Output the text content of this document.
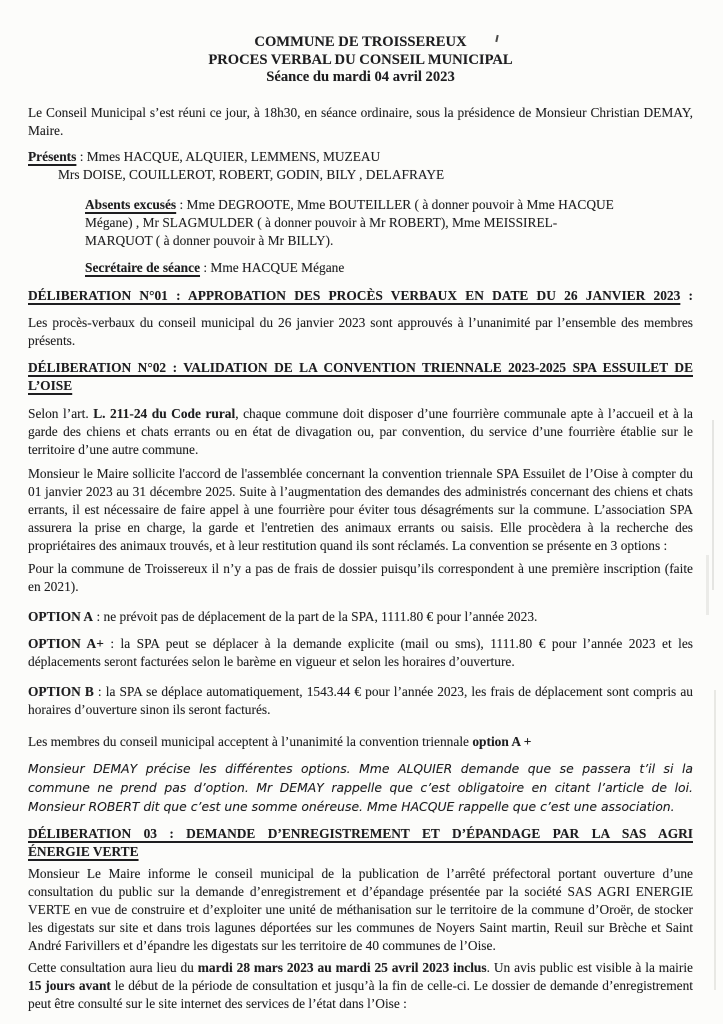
COMMUNE DE TROISSEREUX
PROCES VERBAL DU CONSEIL MUNICIPAL
Séance du mardi 04 avril 2023
Le Conseil Municipal s’est réuni ce jour, à 18h30, en séance ordinaire, sous la présidence de Monsieur Christian DEMAY, Maire.
Présents : Mmes HACQUE, ALQUIER, LEMMENS, MUZEAU
Mrs DOISE, COUILLEROT, ROBERT, GODIN, BILY , DELAFRAYE
Absents excusés : Mme DEGROOTE, Mme BOUTEILLER ( à donner pouvoir à Mme HACQUE
Mégane) , Mr SLAGMULDER ( à donner pouvoir à Mr ROBERT), Mme MEISSIREL-
MARQUOT ( à donner pouvoir à Mr BILLY).
Secrétaire de séance : Mme HACQUE Mégane
DÉLIBERATION N°01 : APPROBATION DES PROCÈS VERBAUX EN DATE DU 26 JANVIER 2023 :
Les procès-verbaux du conseil municipal du 26 janvier 2023 sont approuvés à l’unanimité par l’ensemble des membres présents.
DÉLIBERATION N°02 : VALIDATION DE LA CONVENTION TRIENNALE 2023-2025 SPA ESSUILET DE
L’OISE
Selon l’art. L. 211-24 du Code rural, chaque commune doit disposer d’une fourrière communale apte à l’accueil et à la garde des chiens et chats errants ou en état de divagation ou, par convention, du service d’une fourrière établie sur le territoire d’une autre commune.
Monsieur le Maire sollicite l'accord de l'assemblée concernant la convention triennale SPA Essuilet de l’Oise à compter du 01 janvier 2023 au 31 décembre 2025. Suite à l’augmentation des demandes des administrés concernant des chiens et chats errants, il est nécessaire de faire appel à une fourrière pour éviter tous désagréments sur la commune. L’association SPA assurera la prise en charge, la garde et l'entretien des animaux errants ou saisis. Elle procèdera à la recherche des propriétaires des animaux trouvés, et à leur restitution quand ils sont réclamés. La convention se présente en 3 options :
Pour la commune de Troissereux il n’y a pas de frais de dossier puisqu’ils correspondent à une première inscription (faite en 2021).
OPTION A : ne prévoit pas de déplacement de la part de la SPA, 1111.80 € pour l’année 2023.
OPTION A+ : la SPA peut se déplacer à la demande explicite (mail ou sms), 1111.80 € pour l’année 2023 et les déplacements seront facturées selon le barème en vigueur et selon les horaires d’ouverture.
OPTION B : la SPA se déplace automatiquement, 1543.44 € pour l’année 2023, les frais de déplacement sont compris au horaires d’ouverture sinon ils seront facturés.
Les membres du conseil municipal acceptent à l’unanimité la convention triennale option A +
Monsieur DEMAY précise les différentes options. Mme ALQUIER demande que se passera t’il si la commune ne prend pas d’option. Mr DEMAY rappelle que c’est obligatoire en citant l’article de loi. Monsieur ROBERT dit que c’est une somme onéreuse. Mme HACQUE rappelle que c’est une association.
DÉLIBERATION 03 : DEMANDE D’ENREGISTREMENT ET D’ÉPANDAGE PAR LA SAS AGRI
ÉNERGIE VERTE
Monsieur Le Maire informe le conseil municipal de la publication de l’arrêté préfectoral portant ouverture d’une consultation du public sur la demande d’enregistrement et d’épandage présentée par la société SAS AGRI ENERGIE VERTE en vue de construire et d’exploiter une unité de méthanisation sur le territoire de la commune d’Oroër, de stocker les digestats sur site et dans trois lagunes déportées sur les communes de Noyers Saint martin, Reuil sur Brèche et Saint André Farivillers et d’épandre les digestats sur les territoire de 40 communes de l’Oise.
Cette consultation aura lieu du mardi 28 mars 2023 au mardi 25 avril 2023 inclus. Un avis public est visible à la mairie 15 jours avant le début de la période de consultation et jusqu’à la fin de celle-ci. Le dossier de demande d’enregistrement peut être consulté sur le site internet des services de l’état dans l’Oise :
